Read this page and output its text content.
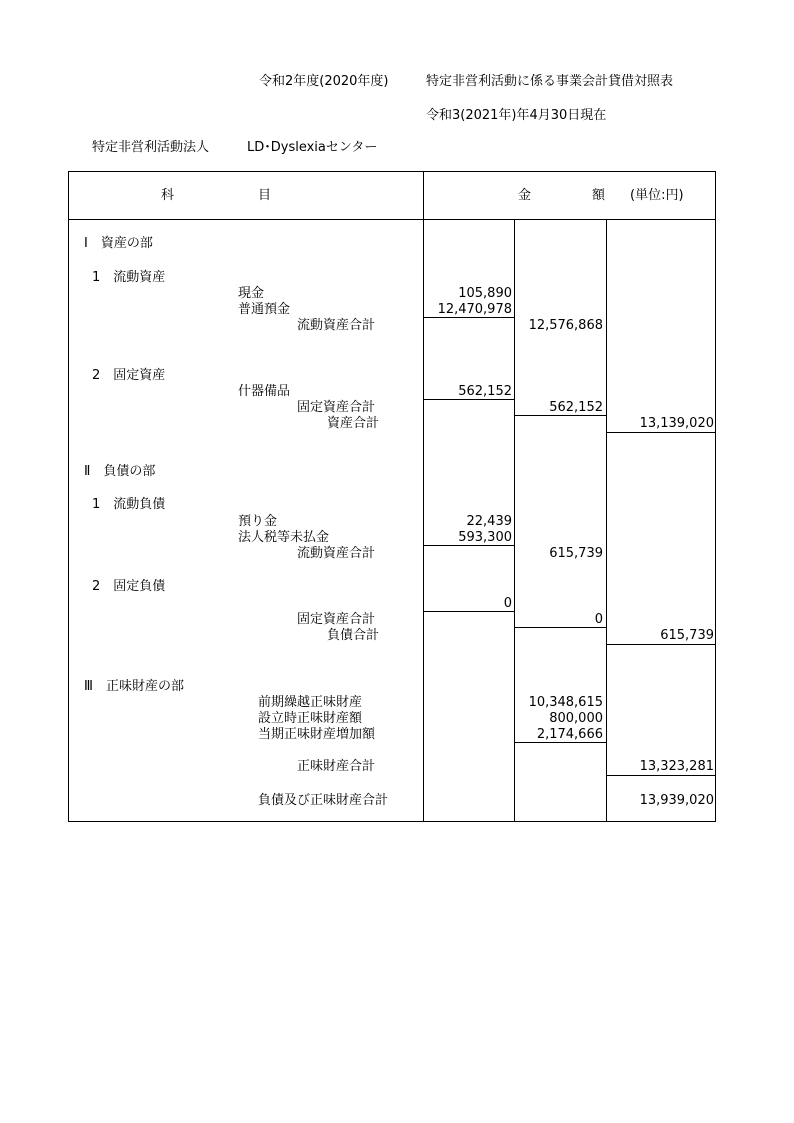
令和2年度(2020年度)	特定非営利活動に係る事業会計貸借対照表
令和3(2021年)年4月30日現在
特定非営利活動法人	LD･Dyslexiaセンター
科	目	金	額 (単位:円)
Ⅰ　資産の部
1　流動資産
現金	105,890
普通預金	12,470,978
流動資産合計	12,576,868
2　固定資産
什器備品	562,152
固定資産合計	562,152
資産合計	13,139,020
Ⅱ　負債の部
1　流動負債
預り金	22,439
法人税等未払金	593,300
流動資産合計	615,739
2　固定負債
0
固定資産合計	0
負債合計	615,739
Ⅲ　正味財産の部
前期繰越正味財産	10,348,615
設立時正味財産額	800,000
当期正味財産増加額	2,174,666
正味財産合計	13,323,281
負債及び正味財産合計	13,939,020
